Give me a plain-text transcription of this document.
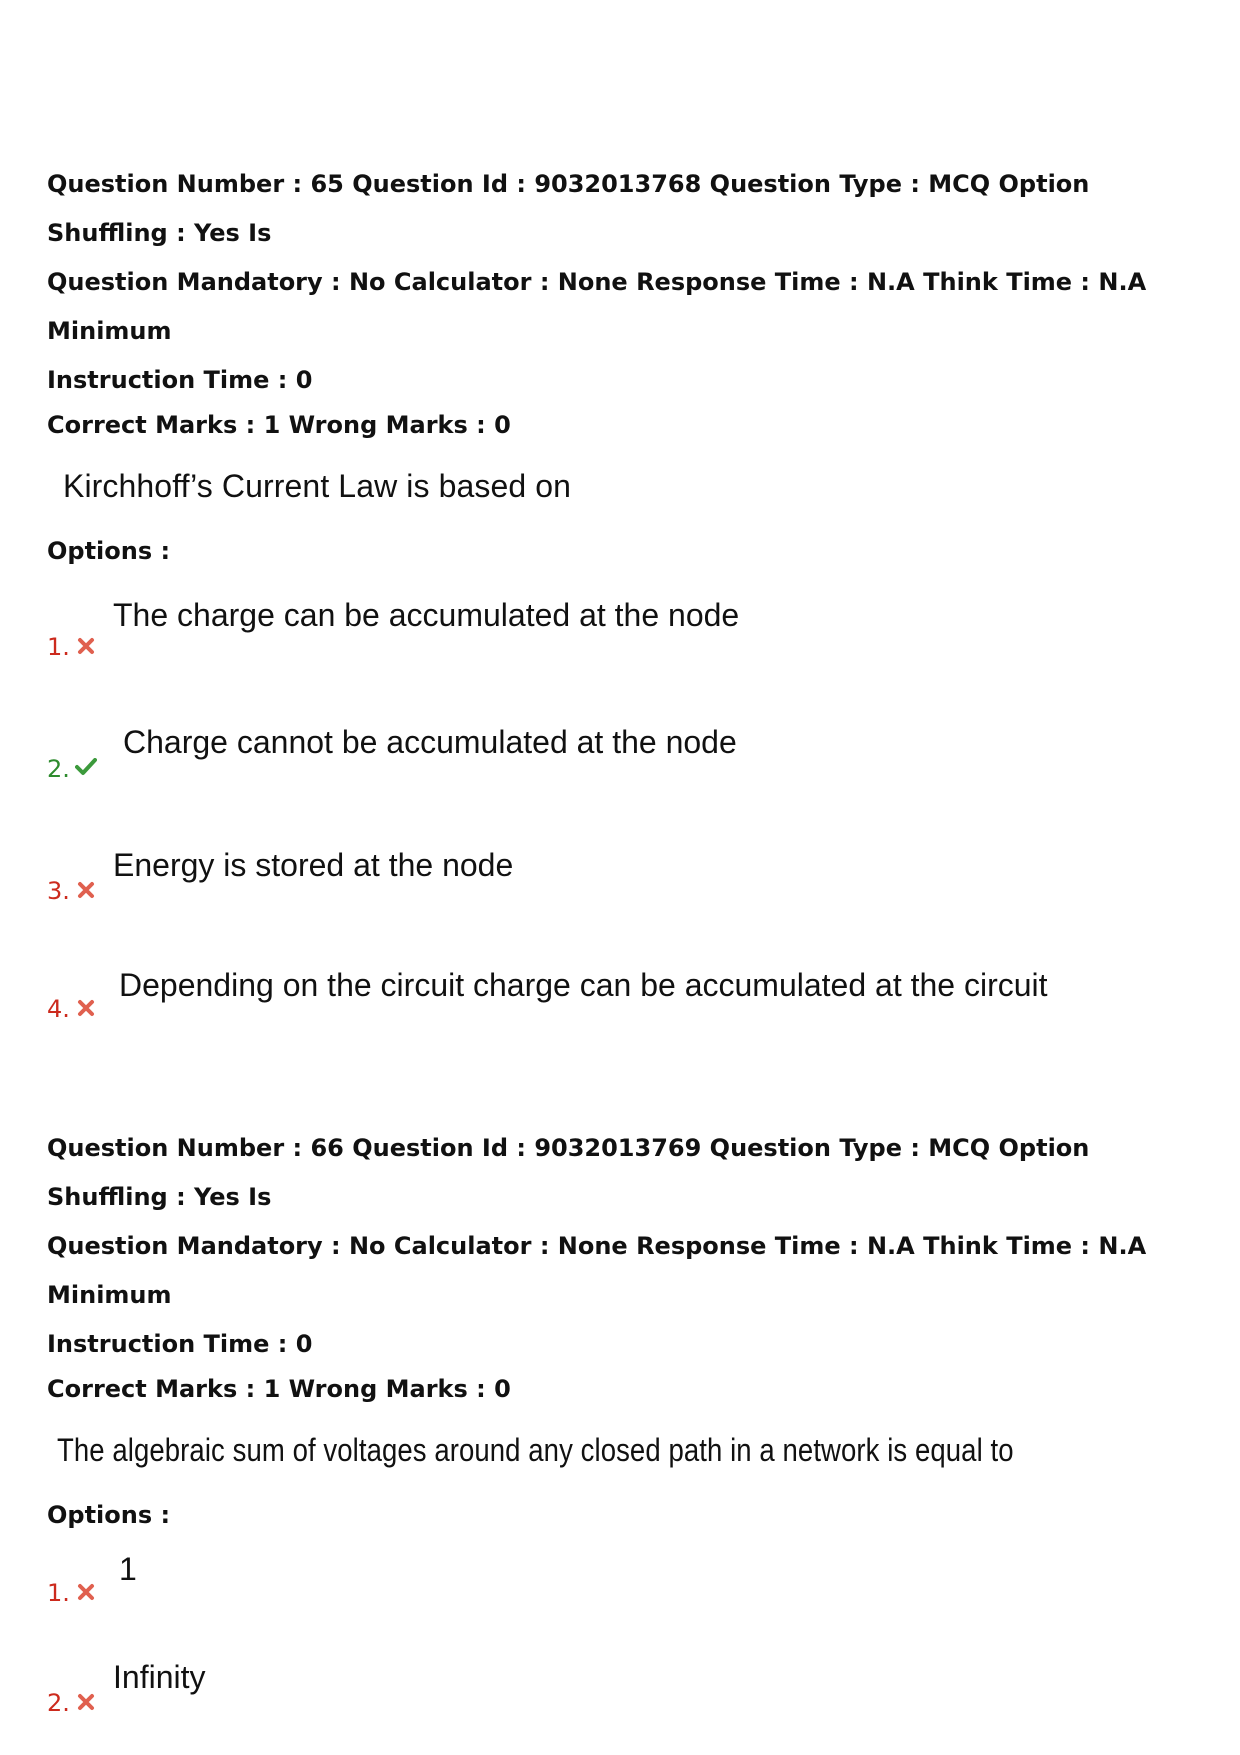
Question Number : 65 Question Id : 9032013768 Question Type : MCQ Option Shuffling : Yes Is
Question Mandatory : No Calculator : None Response Time : N.A Think Time : N.A Minimum
Instruction Time : 0
Correct Marks : 1 Wrong Marks : 0
Kirchhoff’s Current Law is based on
Options :
1.
The charge can be accumulated at the node
2.
Charge cannot be accumulated at the node
3.
Energy is stored at the node
4.
Depending on the circuit charge can be accumulated at the circuit
Question Number : 66 Question Id : 9032013769 Question Type : MCQ Option Shuffling : Yes Is
Question Mandatory : No Calculator : None Response Time : N.A Think Time : N.A Minimum
Instruction Time : 0
Correct Marks : 1 Wrong Marks : 0
The algebraic sum of voltages around any closed path in a network is equal to
Options :
1.
1
2.
Infinity
